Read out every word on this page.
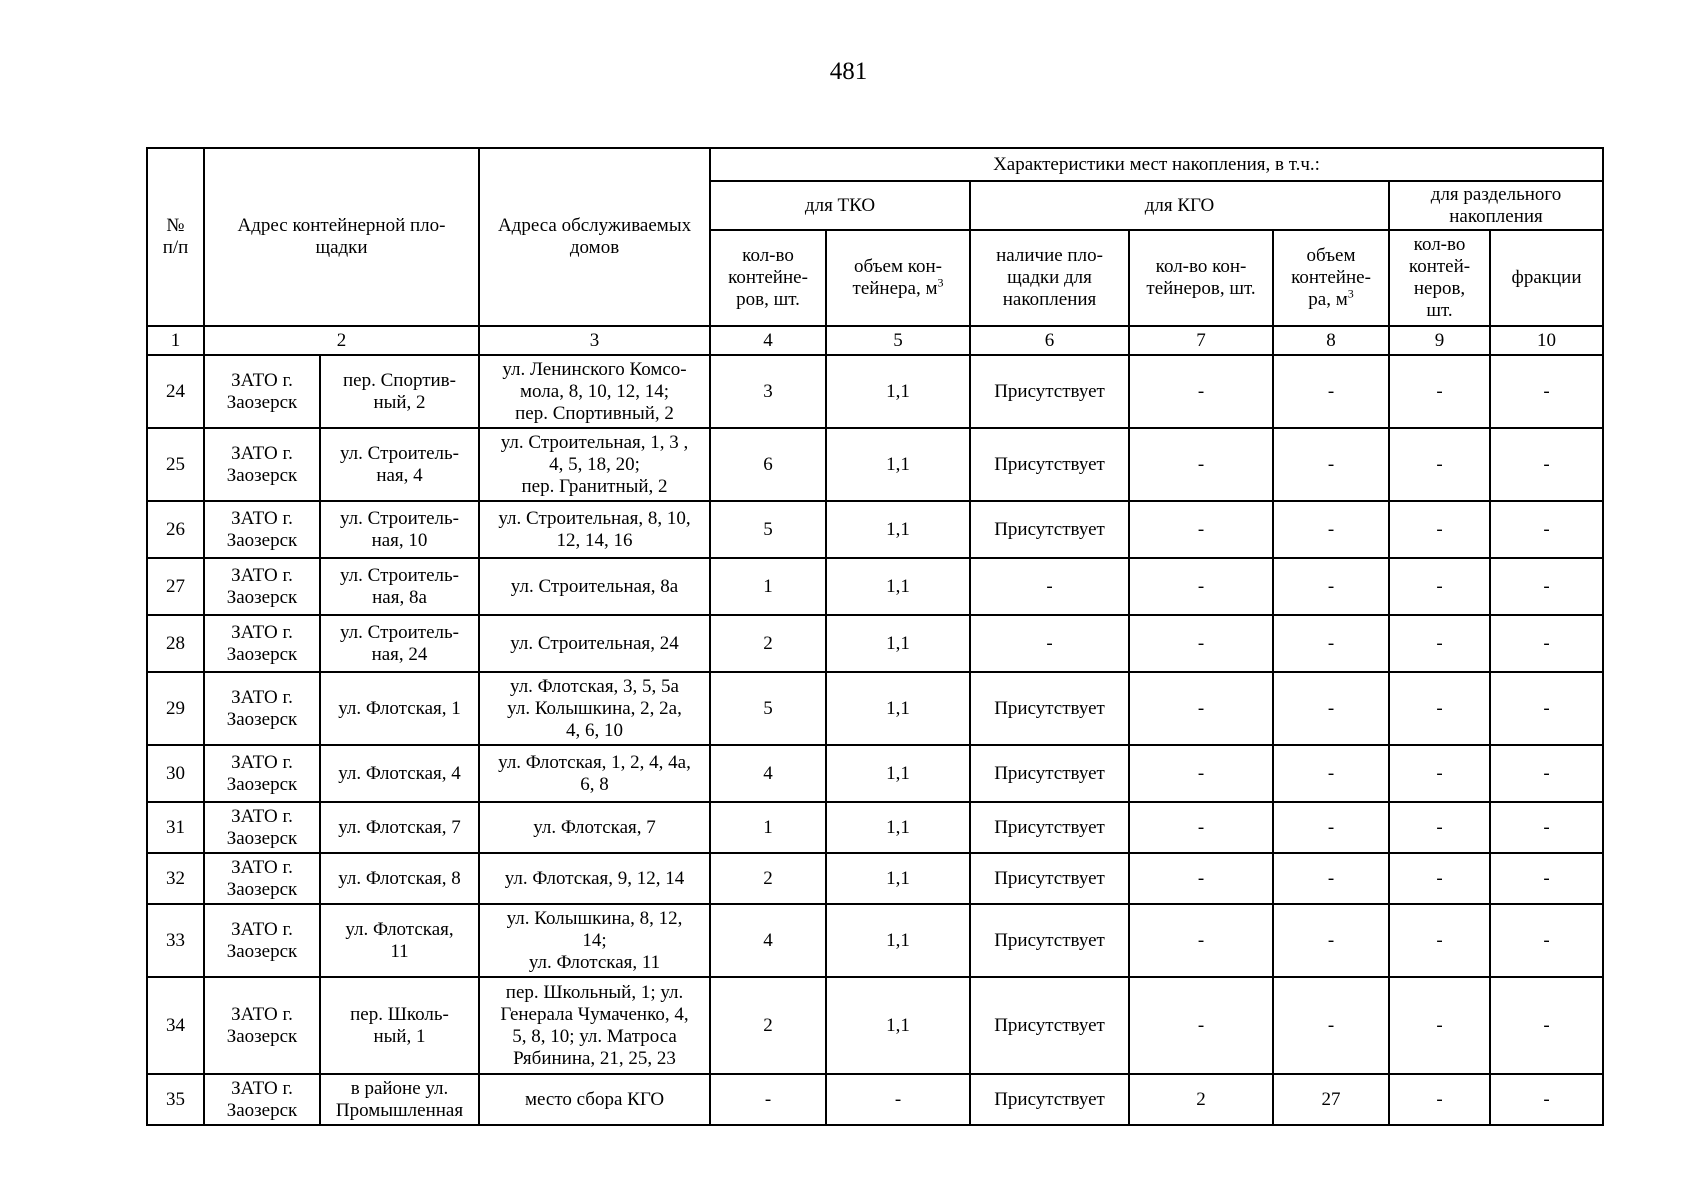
481
№
п/п	Адрес контейнерной пло-
щадки		Адреса обслуживаемых
домов	Характеристики мест накопления, в т.ч.:						
				для ТКО		для КГО			для раздельного
накопления	
				кол-во
контейне-
ров, шт.	объем кон-
тейнера, $м^3$	наличие пло-
щадки для
накопления	кол-во кон-
тейнеров, шт.	объем
контейне-
ра, $м^3$	кол-во
контей-
неров,
шт.	фракции
1	2		3	4	5	6	7	8	9	10
24	ЗАТО г.
Заозерск	пер. Спортив-
ный, 2	ул. Ленинского Комсо-
мола, 8, 10, 12, 14;
пер. Спортивный, 2	3	1,1	Присутствует	-	-	-	-
25	ЗАТО г.
Заозерск	ул. Строитель-
ная, 4	ул. Строительная, 1, 3 ,
4, 5, 18, 20;
пер. Гранитный, 2	6	1,1	Присутствует	-	-	-	-
26	ЗАТО г.
Заозерск	ул. Строитель-
ная, 10	ул. Строительная, 8, 10,
12, 14, 16	5	1,1	Присутствует	-	-	-	-
27	ЗАТО г.
Заозерск	ул. Строитель-
ная, 8а	ул. Строительная, 8а	1	1,1	-	-	-	-	-
28	ЗАТО г.
Заозерск	ул. Строитель-
ная, 24	ул. Строительная, 24	2	1,1	-	-	-	-	-
29	ЗАТО г.
Заозерск	ул. Флотская, 1	ул. Флотская, 3, 5, 5а
ул. Колышкина, 2, 2а,
4, 6, 10	5	1,1	Присутствует	-	-	-	-
30	ЗАТО г.
Заозерск	ул. Флотская, 4	ул. Флотская, 1, 2, 4, 4а,
6, 8	4	1,1	Присутствует	-	-	-	-
31	ЗАТО г.
Заозерск	ул. Флотская, 7	ул. Флотская, 7	1	1,1	Присутствует	-	-	-	-
32	ЗАТО г.
Заозерск	ул. Флотская, 8	ул. Флотская, 9, 12, 14	2	1,1	Присутствует	-	-	-	-
33	ЗАТО г.
Заозерск	ул. Флотская,
11	ул. Колышкина, 8, 12,
14;
ул. Флотская, 11	4	1,1	Присутствует	-	-	-	-
34	ЗАТО г.
Заозерск	пер. Школь-
ный, 1	пер. Школьный, 1; ул.
Генерала Чумаченко, 4,
5, 8, 10; ул. Матроса
Рябинина, 21, 25, 23	2	1,1	Присутствует	-	-	-	-
35	ЗАТО г.
Заозерск	в районе ул.
Промышленная	место сбора КГО	-	-	Присутствует	2	27	-	-
